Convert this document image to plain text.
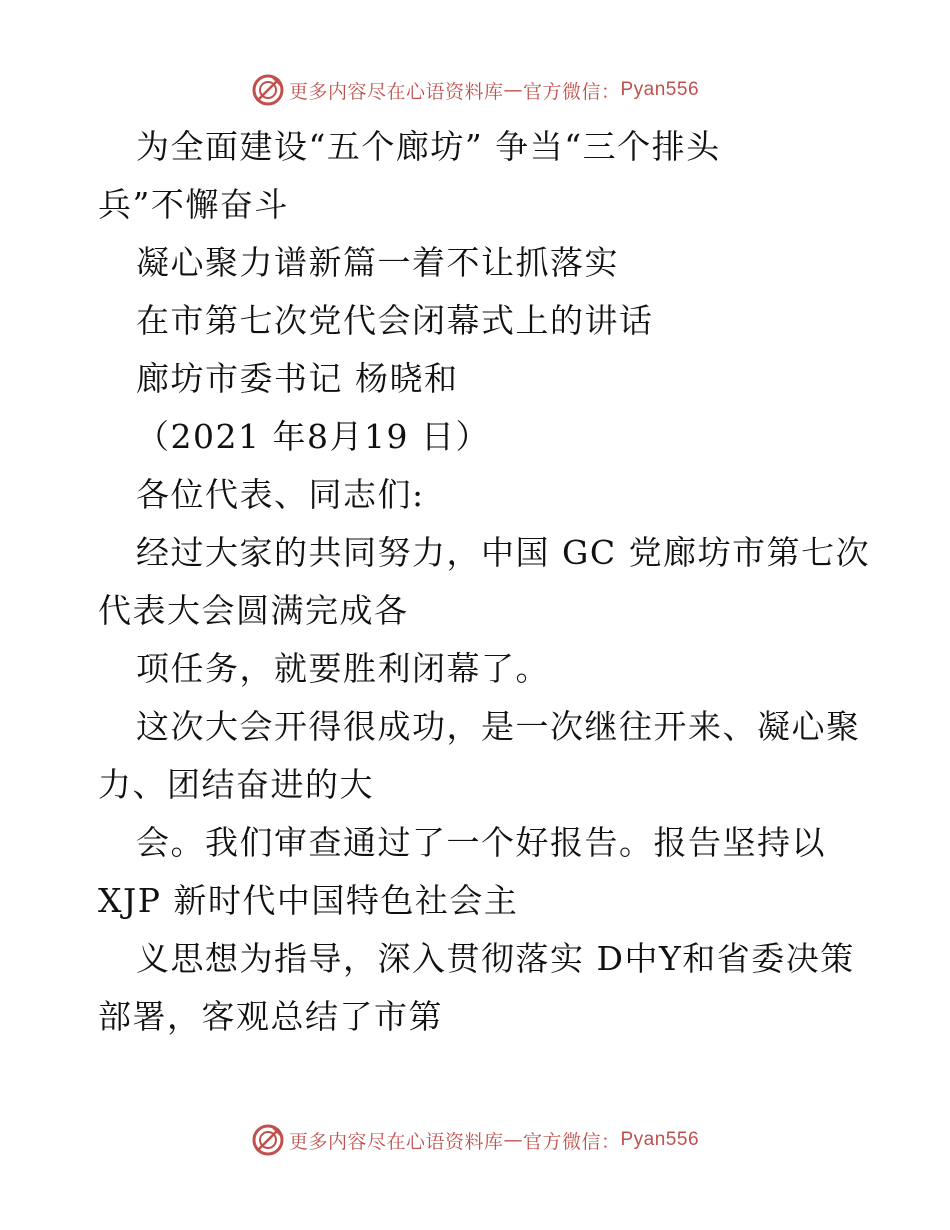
更多内容尽在心语资料库 — 官方微信： Pyan556
为全面建设“五个廊坊” 争当“三个排头
兵”不懈奋斗
凝心聚力谱新篇一着不让抓落实
在市第七次党代会闭幕式上的讲话
廊坊市委书记 杨晓和
（2021 年8月19 日）
各位代表、同志们:
经过大家的共同努力，中国 GC 党廊坊市第七次
代表大会圆满完成各
项任务，就要胜利闭幕了。
这次大会开得很成功，是一次继往开来、凝心聚
力、团结奋进的大
会。我们审查通过了一个好报告。报告坚持以
XJP 新时代中国特色社会主
义思想为指导，深入贯彻落实 D中Y和省委决策
部署，客观总结了市第
更多内容尽在心语资料库 — 官方微信： Pyan556
